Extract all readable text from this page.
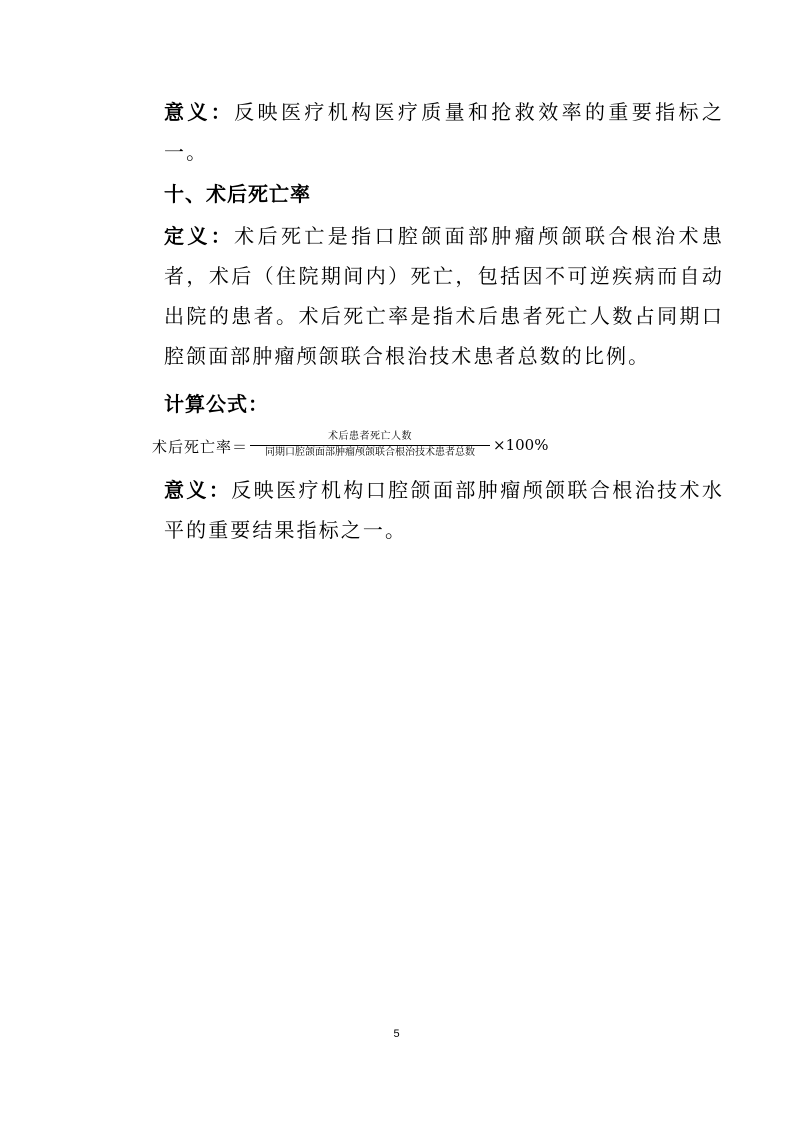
意义：反映医疗机构医疗质量和抢救效率的重要指标之一。
十、术后死亡率
定义：术后死亡是指口腔颌面部肿瘤颅颌联合根治术患者，术后（住院期间内）死亡，包括因不可逆疾病而自动出院的患者。术后死亡率是指术后患者死亡人数占同期口腔颌面部肿瘤颅颌联合根治技术患者总数的比例。
计算公式：
术后死亡率＝
术后患者死亡人数
同期口腔颌面部肿瘤颅颌联合根治技术患者总数	×100%
意义：反映医疗机构口腔颌面部肿瘤颅颌联合根治技术水平的重要结果指标之一。
5
